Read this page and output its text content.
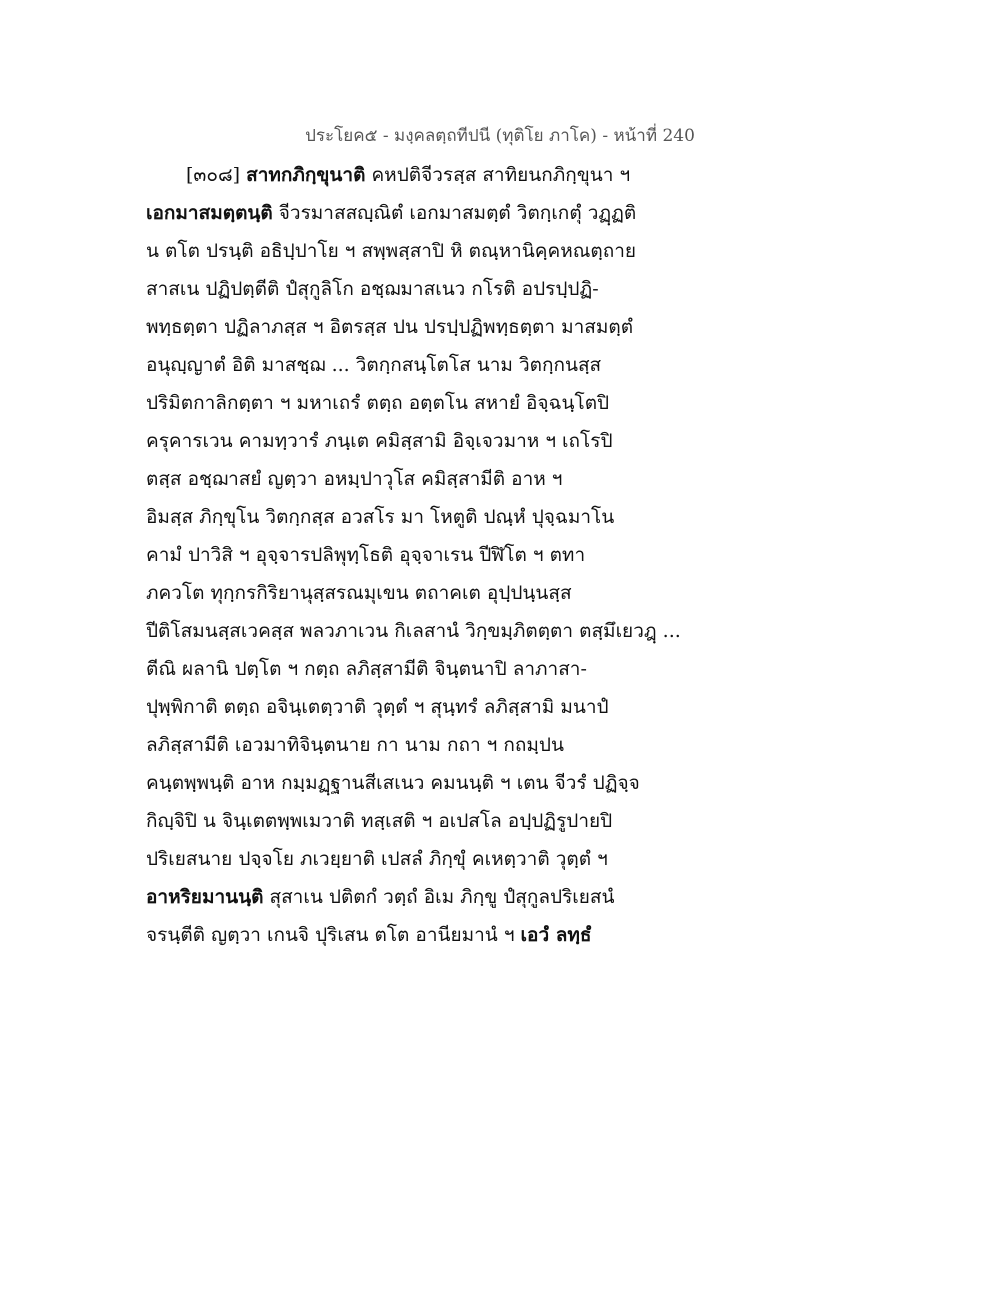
ประโยค๕ - มงฺคลตฺถทีปนี (ทุติโย ภาโค) - หน้าที่ 240
[๓๐๘] สาทกภิกฺขุนาติ คหปติจีวรสฺส สาทิยนกภิกฺขุนา ฯ
เอกมาสมตฺตนฺติ จีวรมาสสญฺณิตํ เอกมาสมตฺตํ วิตกฺเกตุํ วฏฺฏติ
น ตโต ปรนฺติ อธิปฺปาโย ฯ สพฺพสฺสาปิ หิ ตณฺหานิคฺคหณตฺถาย
สาสเน ปฏิปตฺตีติ ปํสุกูลิโก อชฺฌมาสเนว กโรติ อปรปฺปฏิ-
พทฺธตฺตา ปฏิลาภสฺส ฯ อิตรสฺส ปน ปรปฺปฏิพทฺธตฺตา มาสมตฺตํ
อนุญฺญาตํ อิติ มาสชฺฌ ... วิตกฺกสนฺโตโส นาม วิตกฺกนสฺส
ปริมิตกาลิกตฺตา ฯ มหาเถรํ ตตฺถ อตฺตโน สหายํ อิจฺฉนฺโตปิ
ครุคารเวน คามทฺวารํ ภนฺเต คมิสฺสามิ อิจฺเจวมาห ฯ เถโรปิ
ตสฺส อชฺฌาสยํ ญตฺวา อหมฺปาวุโส คมิสฺสามีติ อาห ฯ
อิมสฺส ภิกฺขุโน วิตกฺกสฺส อวสโร มา โหตูติ ปณฺหํ ปุจฺฉมาโน
คามํ ปาวิสิ ฯ อุจฺจารปลิพุทฺโธติ อุจฺจาเรน ปีฬิโต ฯ ตทา
ภควโต ทุกฺกรกิริยานุสฺสรณมุเขน ตถาคเต อุปฺปนฺนสฺส
ปีติโสมนสฺสเวคสฺส พลวภาเวน กิเลสานํ วิกฺขมฺภิตตฺตา ตสฺมึเยวฎฺ ...
ตีณิ ผลานิ ปตฺโต ฯ กตฺถ ลภิสฺสามีติ จินฺตนาปิ ลาภาสา-
ปุพฺพิกาติ ตตฺถ อจินฺเตตฺวาติ วุตฺตํ ฯ สุนฺทรํ ลภิสฺสามิ มนาปํ
ลภิสฺสามีติ เอวมาทิจินฺตนาย กา นาม กถา ฯ กถมฺปน
คนฺตพฺพนฺติ อาห กมฺมฏฺฐานสีเสเนว คมนนฺติ ฯ เตน จีวรํ ปฏิจฺจ
กิญฺจิปิ น จินฺเตตพฺพเมวาติ ทสฺเสติ ฯ อเปสโล อปฺปฏิรูปายปิ
ปริเยสนาย ปจฺจโย ภเวยฺยาติ เปสลํ ภิกฺขุํ คเหตฺวาติ วุตฺตํ ฯ
อาหริยมานนฺติ สุสาเน ปติตกํ วตฺถํ อิเม ภิกฺขู ปํสุกูลปริเยสนํ
จรนฺตีติ ญตฺวา เกนจิ ปุริเสน ตโต อานียมานํ ฯ เอวํ ลทฺธํ
